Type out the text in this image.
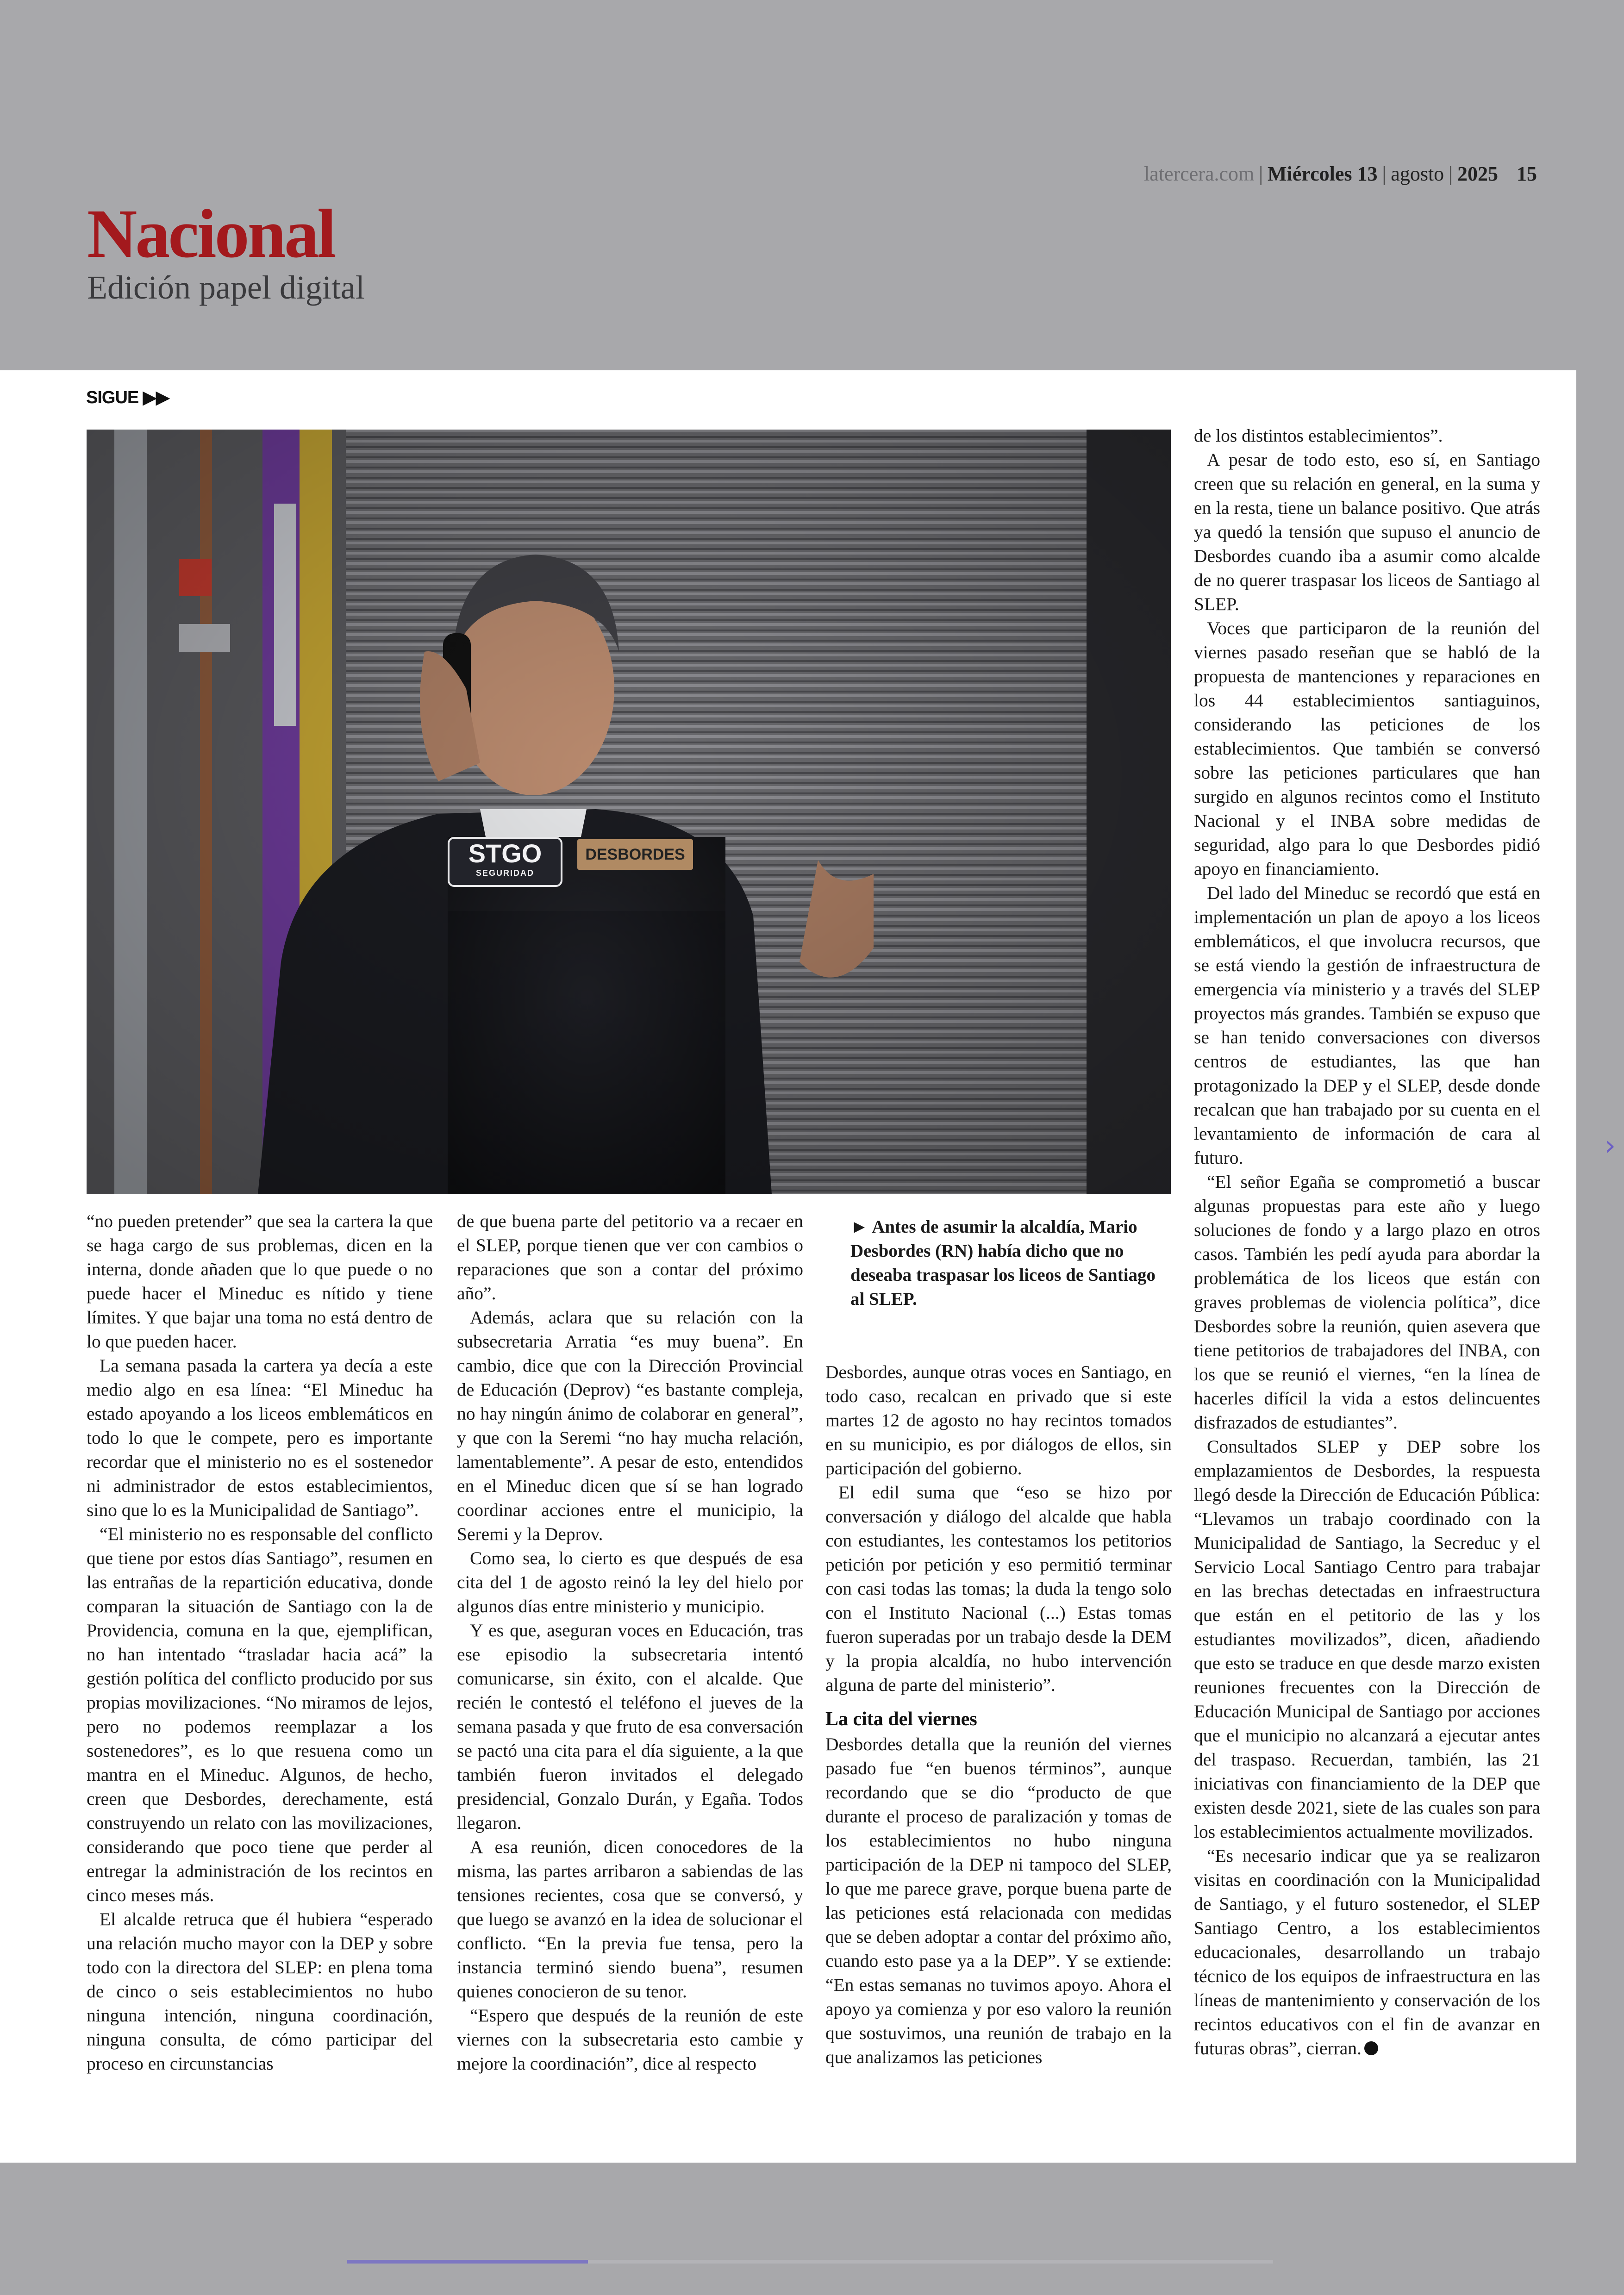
latercera.com | Miércoles 13 | agosto | 2025 15
Nacional
Edición papel digital
›
SIGUE ▶▶
STGO
SEGURIDAD
DESBORDES
► Antes de asumir la alcaldía, Mario Desbordes (RN) había dicho que no deseaba traspasar los liceos de Santiago al SLEP.

“no pueden pretender” que sea la cartera la que se haga cargo de sus problemas, dicen en la interna, donde añaden que lo que puede o no puede hacer el Mineduc es nítido y tiene límites. Y que bajar una toma no está dentro de lo que pueden hacer.

La semana pasada la cartera ya decía a este medio algo en esa línea: “El Mineduc ha estado apoyando a los liceos emblemáticos en todo lo que le compete, pero es importante recordar que el ministerio no es el sostenedor ni administrador de estos establecimientos, sino que lo es la Municipalidad de Santiago”.

“El ministerio no es responsable del conflicto que tiene por estos días Santiago”, resumen en las entrañas de la repartición educativa, donde comparan la situación de Santiago con la de Providencia, comuna en la que, ejemplifican, no han intentado “trasladar hacia acá” la gestión política del conflicto producido por sus propias movilizaciones. “No miramos de lejos, pero no podemos reemplazar a los sostenedores”, es lo que resuena como un mantra en el Mineduc. Algunos, de hecho, creen que Desbordes, derechamente, está construyendo un relato con las movilizaciones, considerando que poco tiene que perder al entregar la administración de los recintos en cinco meses más.

El alcalde retruca que él hubiera “esperado una relación mucho mayor con la DEP y sobre todo con la directora del SLEP: en plena toma de cinco o seis establecimientos no hubo ninguna intención, ninguna coordinación, ninguna consulta, de cómo participar del proceso en circunstancias

de que buena parte del petitorio va a recaer en el SLEP, porque tienen que ver con cambios o reparaciones que son a contar del próximo año”.

Además, aclara que su relación con la subsecretaria Arratia “es muy buena”. En cambio, dice que con la Dirección Provincial de Educación (Deprov) “es bastante compleja, no hay ningún ánimo de colaborar en general”, y que con la Seremi “no hay mucha relación, lamentablemente”. A pesar de esto, entendidos en el Mineduc dicen que sí se han logrado coordinar acciones entre el municipio, la Seremi y la Deprov.

Como sea, lo cierto es que después de esa cita del 1 de agosto reinó la ley del hielo por algunos días entre ministerio y municipio.

Y es que, aseguran voces en Educación, tras ese episodio la subsecretaria intentó comunicarse, sin éxito, con el alcalde. Que recién le contestó el teléfono el jueves de la semana pasada y que fruto de esa conversación se pactó una cita para el día siguiente, a la que también fueron invitados el delegado presidencial, Gonzalo Durán, y Egaña. Todos llegaron.

A esa reunión, dicen conocedores de la misma, las partes arribaron a sabiendas de las tensiones recientes, cosa que se conversó, y que luego se avanzó en la idea de solucionar el conflicto. “En la previa fue tensa, pero la instancia terminó siendo buena”, resumen quienes conocieron de su tenor.

“Espero que después de la reunión de este viernes con la subsecretaria esto cambie y mejore la coordinación”, dice al respecto

Desbordes, aunque otras voces en Santiago, en todo caso, recalcan en privado que si este martes 12 de agosto no hay recintos tomados en su municipio, es por diálogos de ellos, sin participación del gobierno.

El edil suma que “eso se hizo por conversación y diálogo del alcalde que habla con estudiantes, les contestamos los petitorios petición por petición y eso permitió terminar con casi todas las tomas; la duda la tengo solo con el Instituto Nacional (...) Estas tomas fueron superadas por un trabajo desde la DEM y la propia alcaldía, no hubo intervención alguna de parte del ministerio”.

La cita del viernes

Desbordes detalla que la reunión del viernes pasado fue “en buenos términos”, aunque recordando que se dio “producto de que durante el proceso de paralización y tomas de los establecimientos no hubo ninguna participación de la DEP ni tampoco del SLEP, lo que me parece grave, porque buena parte de las peticiones está relacionada con medidas que se deben adoptar a contar del próximo año, cuando esto pase ya a la DEP”. Y se extiende: “En estas semanas no tuvimos apoyo. Ahora el apoyo ya comienza y por eso valoro la reunión que sostuvimos, una reunión de trabajo en la que analizamos las peticiones

de los distintos establecimientos”.

A pesar de todo esto, eso sí, en Santiago creen que su relación en general, en la suma y en la resta, tiene un balance positivo. Que atrás ya quedó la tensión que supuso el anuncio de Desbordes cuando iba a asumir como alcalde de no querer traspasar los liceos de Santiago al SLEP.

Voces que participaron de la reunión del viernes pasado reseñan que se habló de la propuesta de mantenciones y reparaciones en los 44 establecimientos santiaguinos, considerando las peticiones de los establecimientos. Que también se conversó sobre las peticiones particulares que han surgido en algunos recintos como el Instituto Nacional y el INBA sobre medidas de seguridad, algo para lo que Desbordes pidió apoyo en financiamiento.

Del lado del Mineduc se recordó que está en implementación un plan de apoyo a los liceos emblemáticos, el que involucra recursos, que se está viendo la gestión de infraestructura de emergencia vía ministerio y a través del SLEP proyectos más grandes. También se expuso que se han tenido conversaciones con diversos centros de estudiantes, las que han protagonizado la DEP y el SLEP, desde donde recalcan que han trabajado por su cuenta en el levantamiento de información de cara al futuro.

“El señor Egaña se comprometió a buscar algunas propuestas para este año y luego soluciones de fondo y a largo plazo en otros casos. También les pedí ayuda para abordar la problemática de los liceos que están con graves problemas de violencia política”, dice Desbordes sobre la reunión, quien asevera que tiene petitorios de trabajadores del INBA, con los que se reunió el viernes, “en la línea de hacerles difícil la vida a estos delincuentes disfrazados de estudiantes”.

Consultados SLEP y DEP sobre los emplazamientos de Desbordes, la respuesta llegó desde la Dirección de Educación Pública: “Llevamos un trabajo coordinado con la Municipalidad de Santiago, la Secreduc y el Servicio Local Santiago Centro para trabajar en las brechas detectadas en infraestructura que están en el petitorio de las y los estudiantes movilizados”, dicen, añadiendo que esto se traduce en que desde marzo existen reuniones frecuentes con la Dirección de Educación Municipal de Santiago por acciones que el municipio no alcanzará a ejecutar antes del traspaso. Recuerdan, también, las 21 iniciativas con financiamiento de la DEP que existen desde 2021, siete de las cuales son para los establecimientos actualmente movilizados.

“Es necesario indicar que ya se realizaron visitas en coordinación con la Municipalidad de Santiago, y el futuro sostenedor, el SLEP Santiago Centro, a los establecimientos educacionales, desarrollando un trabajo técnico de los equipos de infraestructura en las líneas de mantenimiento y conservación de los recintos educativos con el fin de avanzar en futuras obras”, cierran.
